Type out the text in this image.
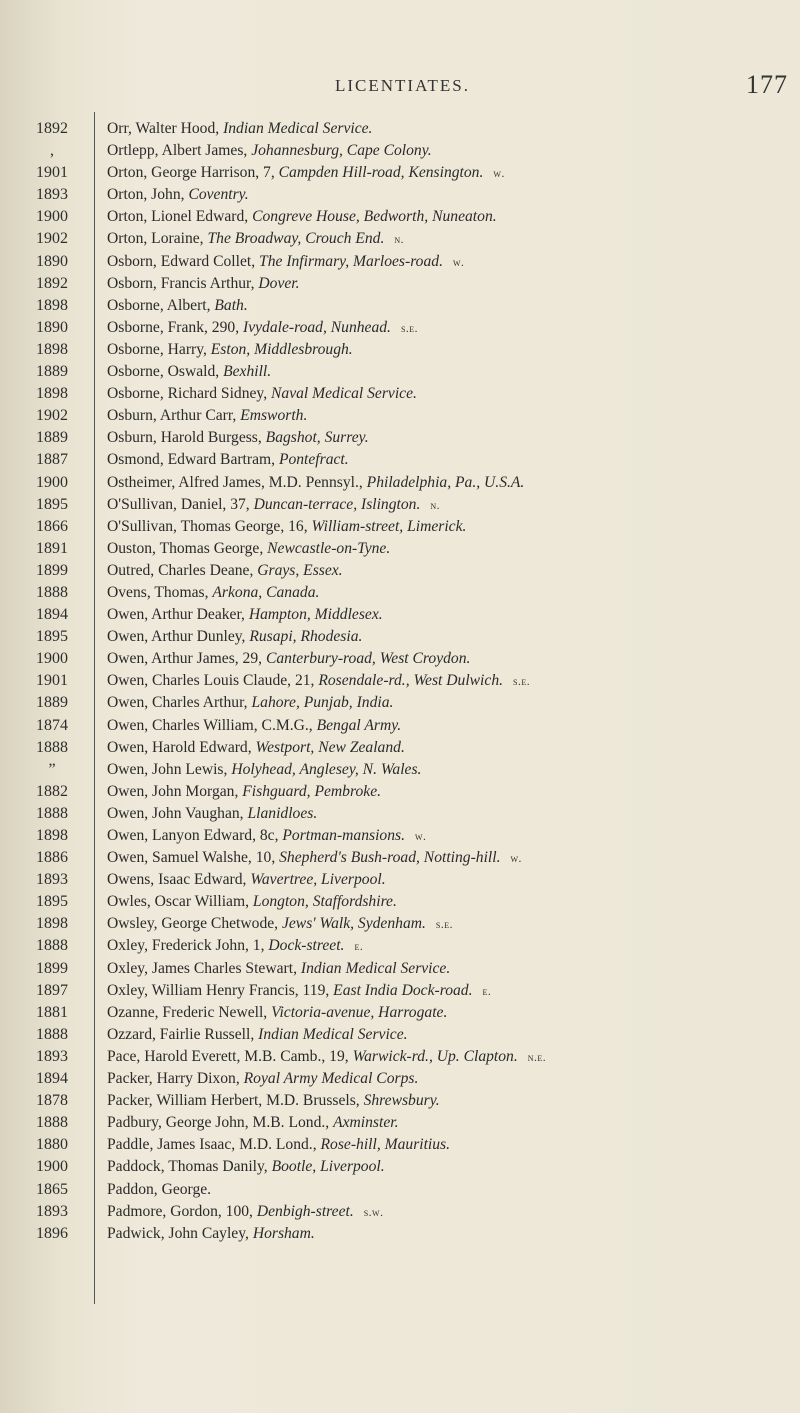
LICENTIATES.	177
1892
,
1901
1893
1900
1902
1890
1892
1898
1890
1898
1889
1898
1902
1889
1887
1900
1895
1866
1891
1899
1888
1894
1895
1900
1901
1889
1874
1888
”
1882
1888
1898
1886
1893
1895
1898
1888
1899
1897
1881
1888
1893
1894
1878
1888
1880
1900
1865
1893
1896
Orr, Walter Hood, Indian Medical Service.
Ortlepp, Albert James, Johannesburg, Cape Colony.
Orton, George Harrison, 7, Campden Hill-road, Kensington. w.
Orton, John, Coventry.
Orton, Lionel Edward, Congreve House, Bedworth, Nuneaton.
Orton, Loraine, The Broadway, Crouch End. n.
Osborn, Edward Collet, The Infirmary, Marloes-road. w.
Osborn, Francis Arthur, Dover.
Osborne, Albert, Bath.
Osborne, Frank, 290, Ivydale-road, Nunhead. s.e.
Osborne, Harry, Eston, Middlesbrough.
Osborne, Oswald, Bexhill.
Osborne, Richard Sidney, Naval Medical Service.
Osburn, Arthur Carr, Emsworth.
Osburn, Harold Burgess, Bagshot, Surrey.
Osmond, Edward Bartram, Pontefract.
Ostheimer, Alfred James, M.D. Pennsyl., Philadelphia, Pa., U.S.A.
O'Sullivan, Daniel, 37, Duncan-terrace, Islington. n.
O'Sullivan, Thomas George, 16, William-street, Limerick.
Ouston, Thomas George, Newcastle-on-Tyne.
Outred, Charles Deane, Grays, Essex.
Ovens, Thomas, Arkona, Canada.
Owen, Arthur Deaker, Hampton, Middlesex.
Owen, Arthur Dunley, Rusapi, Rhodesia.
Owen, Arthur James, 29, Canterbury-road, West Croydon.
Owen, Charles Louis Claude, 21, Rosendale-rd., West Dulwich. s.e.
Owen, Charles Arthur, Lahore, Punjab, India.
Owen, Charles William, C.M.G., Bengal Army.
Owen, Harold Edward, Westport, New Zealand.
Owen, John Lewis, Holyhead, Anglesey, N. Wales.
Owen, John Morgan, Fishguard, Pembroke.
Owen, John Vaughan, Llanidloes.
Owen, Lanyon Edward, 8c, Portman-mansions. w.
Owen, Samuel Walshe, 10, Shepherd's Bush-road, Notting-hill. w.
Owens, Isaac Edward, Wavertree, Liverpool.
Owles, Oscar William, Longton, Staffordshire.
Owsley, George Chetwode, Jews' Walk, Sydenham. s.e.
Oxley, Frederick John, 1, Dock-street. e.
Oxley, James Charles Stewart, Indian Medical Service.
Oxley, William Henry Francis, 119, East India Dock-road. e.
Ozanne, Frederic Newell, Victoria-avenue, Harrogate.
Ozzard, Fairlie Russell, Indian Medical Service.
Pace, Harold Everett, M.B. Camb., 19, Warwick-rd., Up. Clapton. n.e.
Packer, Harry Dixon, Royal Army Medical Corps.
Packer, William Herbert, M.D. Brussels, Shrewsbury.
Padbury, George John, M.B. Lond., Axminster.
Paddle, James Isaac, M.D. Lond., Rose-hill, Mauritius.
Paddock, Thomas Danily, Bootle, Liverpool.
Paddon, George.
Padmore, Gordon, 100, Denbigh-street. s.w.
Padwick, John Cayley, Horsham.
